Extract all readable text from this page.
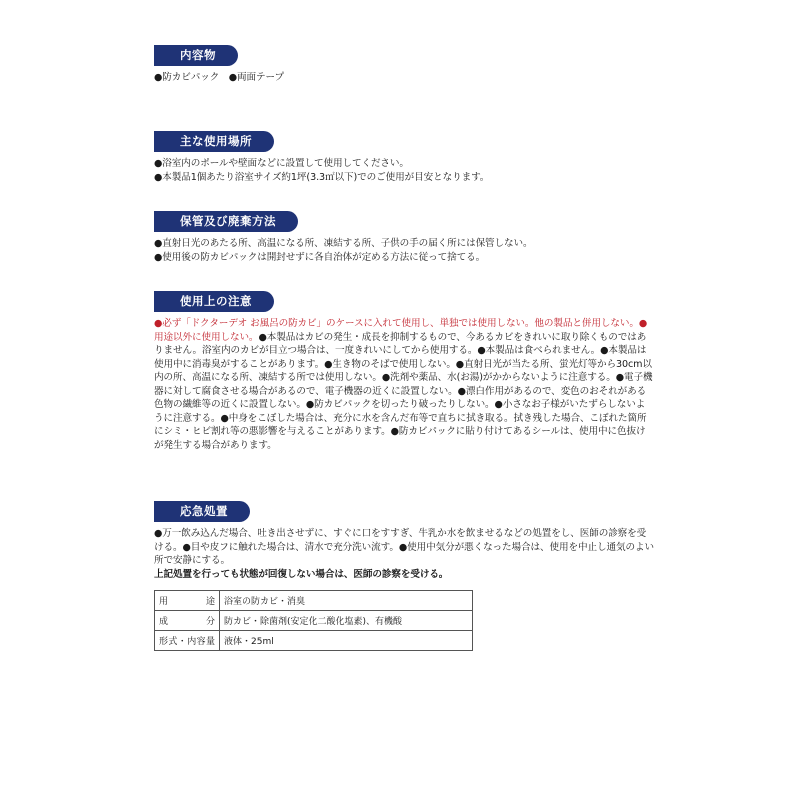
内容物
●防カビパック　●両面テープ
主な使用場所
●浴室内のポールや壁面などに設置して使用してください。
●本製品1個あたり浴室サイズ約1坪(3.3㎡以下)でのご使用が目安となります。
保管及び廃棄方法
●直射日光のあたる所、高温になる所、凍結する所、子供の手の届く所には保管しない。
●使用後の防カビパックは開封せずに各自治体が定める方法に従って捨てる。
使用上の注意
●必ず「ドクターデオ お風呂の防カビ」のケースに入れて使用し、単独では使用しない。他の製品と併用しない。●用途以外に使用しない。●本製品はカビの発生・成長を抑制するもので、今あるカビをきれいに取り除くものではありません。浴室内のカビが目立つ場合は、一度きれいにしてから使用する。●本製品は食べられません。●本製品は使用中に消毒臭がすることがあります。●生き物のそばで使用しない。●直射日光が当たる所、蛍光灯等から30cm以内の所、高温になる所、凍結する所では使用しない。●洗剤や薬品、水(お湯)がかからないように注意する。●電子機器に対して腐食させる場合があるので、電子機器の近くに設置しない。●漂白作用があるので、変色のおそれがある色物の繊維等の近くに設置しない。●防カビパックを切ったり破ったりしない。●小さなお子様がいたずらしないように注意する。●中身をこぼした場合は、充分に水を含んだ布等で直ちに拭き取る。拭き残した場合、こぼれた箇所にシミ・ヒビ割れ等の悪影響を与えることがあります。●防カビパックに貼り付けてあるシールは、使用中に色抜けが発生する場合があります。
応急処置
●万一飲み込んだ場合、吐き出させずに、すぐに口をすすぎ、牛乳か水を飲ませるなどの処置をし、医師の診察を受ける。●目や皮フに触れた場合は、清水で充分洗い流す。●使用中気分が悪くなった場合は、使用を中止し通気のよい所で安静にする。
上記処置を行っても状態が回復しない場合は、医師の診察を受ける。
用途	浴室の防カビ・消臭
成分	防カビ・除菌剤(安定化二酸化塩素)、有機酸
形式・内容量	液体・25ml
